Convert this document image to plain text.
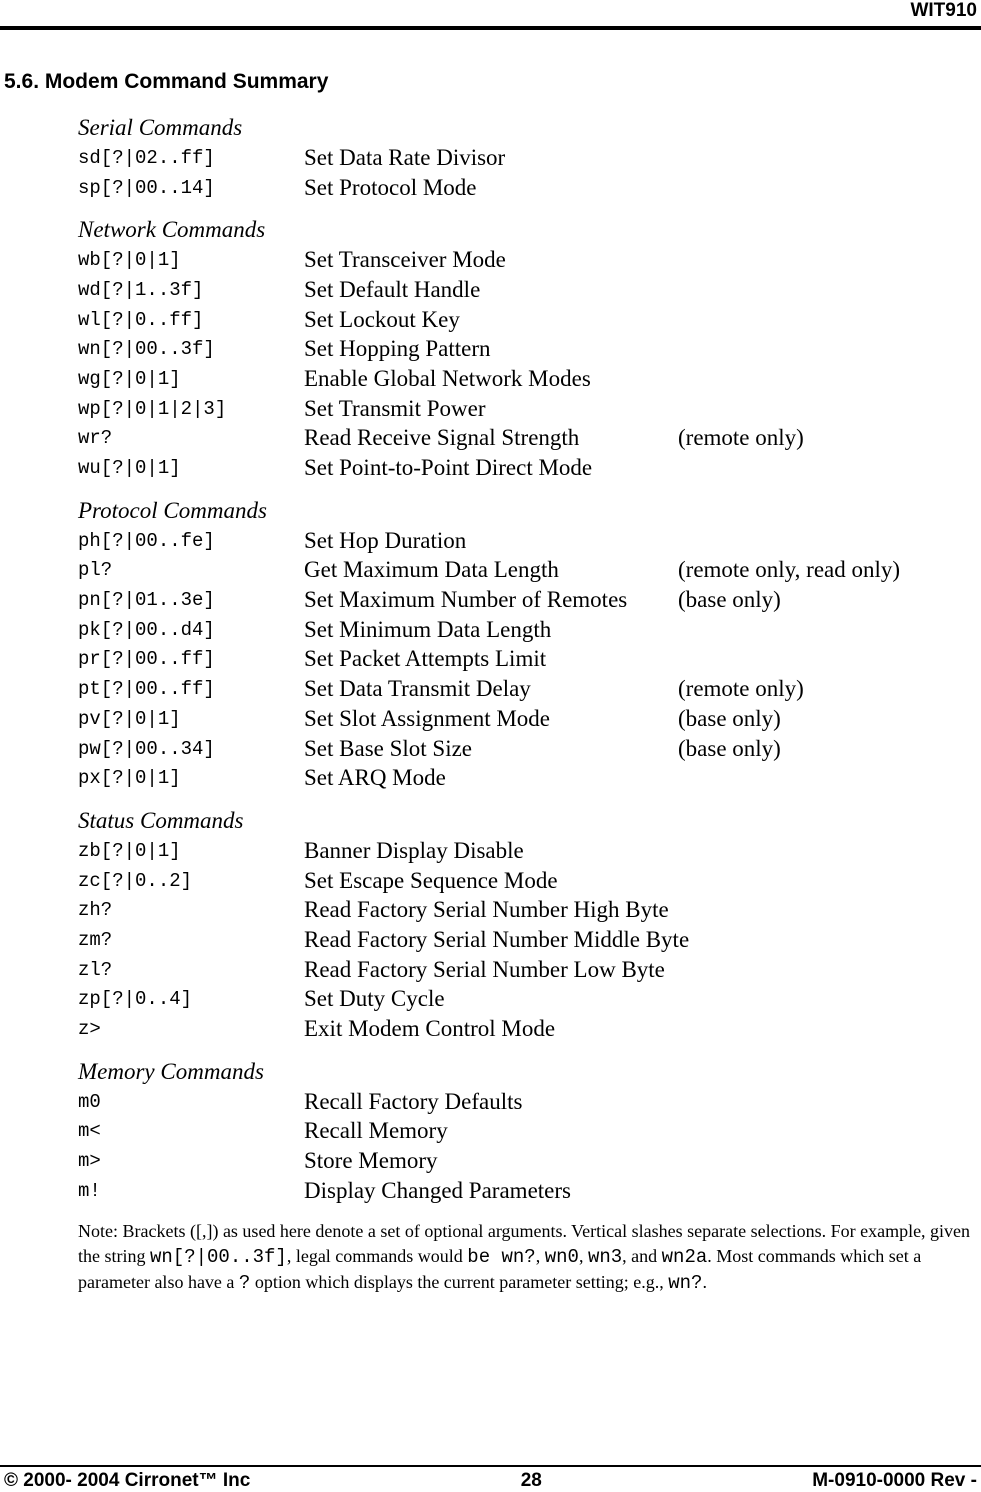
WIT910
5.6. Modem Command Summary
Serial Commands
sd[?|02..ff]	Set Data Rate Divisor
sp[?|00..14]	Set Protocol Mode
Network Commands
wb[?|0|1]	Set Transceiver Mode
wd[?|1..3f]	Set Default Handle
wl[?|0..ff]	Set Lockout Key
wn[?|00..3f]	Set Hopping Pattern
wg[?|0|1]	Enable Global Network Modes
wp[?|0|1|2|3]	Set Transmit Power
wr?	Read Receive Signal Strength	(remote only)
wu[?|0|1]	Set Point-to-Point Direct Mode
Protocol Commands
ph[?|00..fe]	Set Hop Duration
pl?	Get Maximum Data Length	(remote only, read only)
pn[?|01..3e]	Set Maximum Number of Remotes	(base only)
pk[?|00..d4]	Set Minimum Data Length
pr[?|00..ff]	Set Packet Attempts Limit
pt[?|00..ff]	Set Data Transmit Delay	(remote only)
pv[?|0|1]	Set Slot Assignment Mode	(base only)
pw[?|00..34]	Set Base Slot Size	(base only)
px[?|0|1]	Set ARQ Mode
Status Commands
zb[?|0|1]	Banner Display Disable
zc[?|0..2]	Set Escape Sequence Mode
zh?	Read Factory Serial Number High Byte
zm?	Read Factory Serial Number Middle Byte
zl?	Read Factory Serial Number Low Byte
zp[?|0..4]	Set Duty Cycle
z>	Exit Modem Control Mode
Memory Commands
m0	Recall Factory Defaults
m<	Recall Memory
m>	Store Memory
m!	Display Changed Parameters
Note: Brackets ([,]) as used here denote a set of optional arguments. Vertical slashes separate selections. For example, given the string wn[?|00..3f], legal commands would be wn?, wn0, wn3, and wn2a. Most commands which set a parameter also have a ? option which displays the current parameter setting; e.g., wn?.
© 2000- 2004 Cirronet™ Inc	28	M-0910-0000 Rev -
